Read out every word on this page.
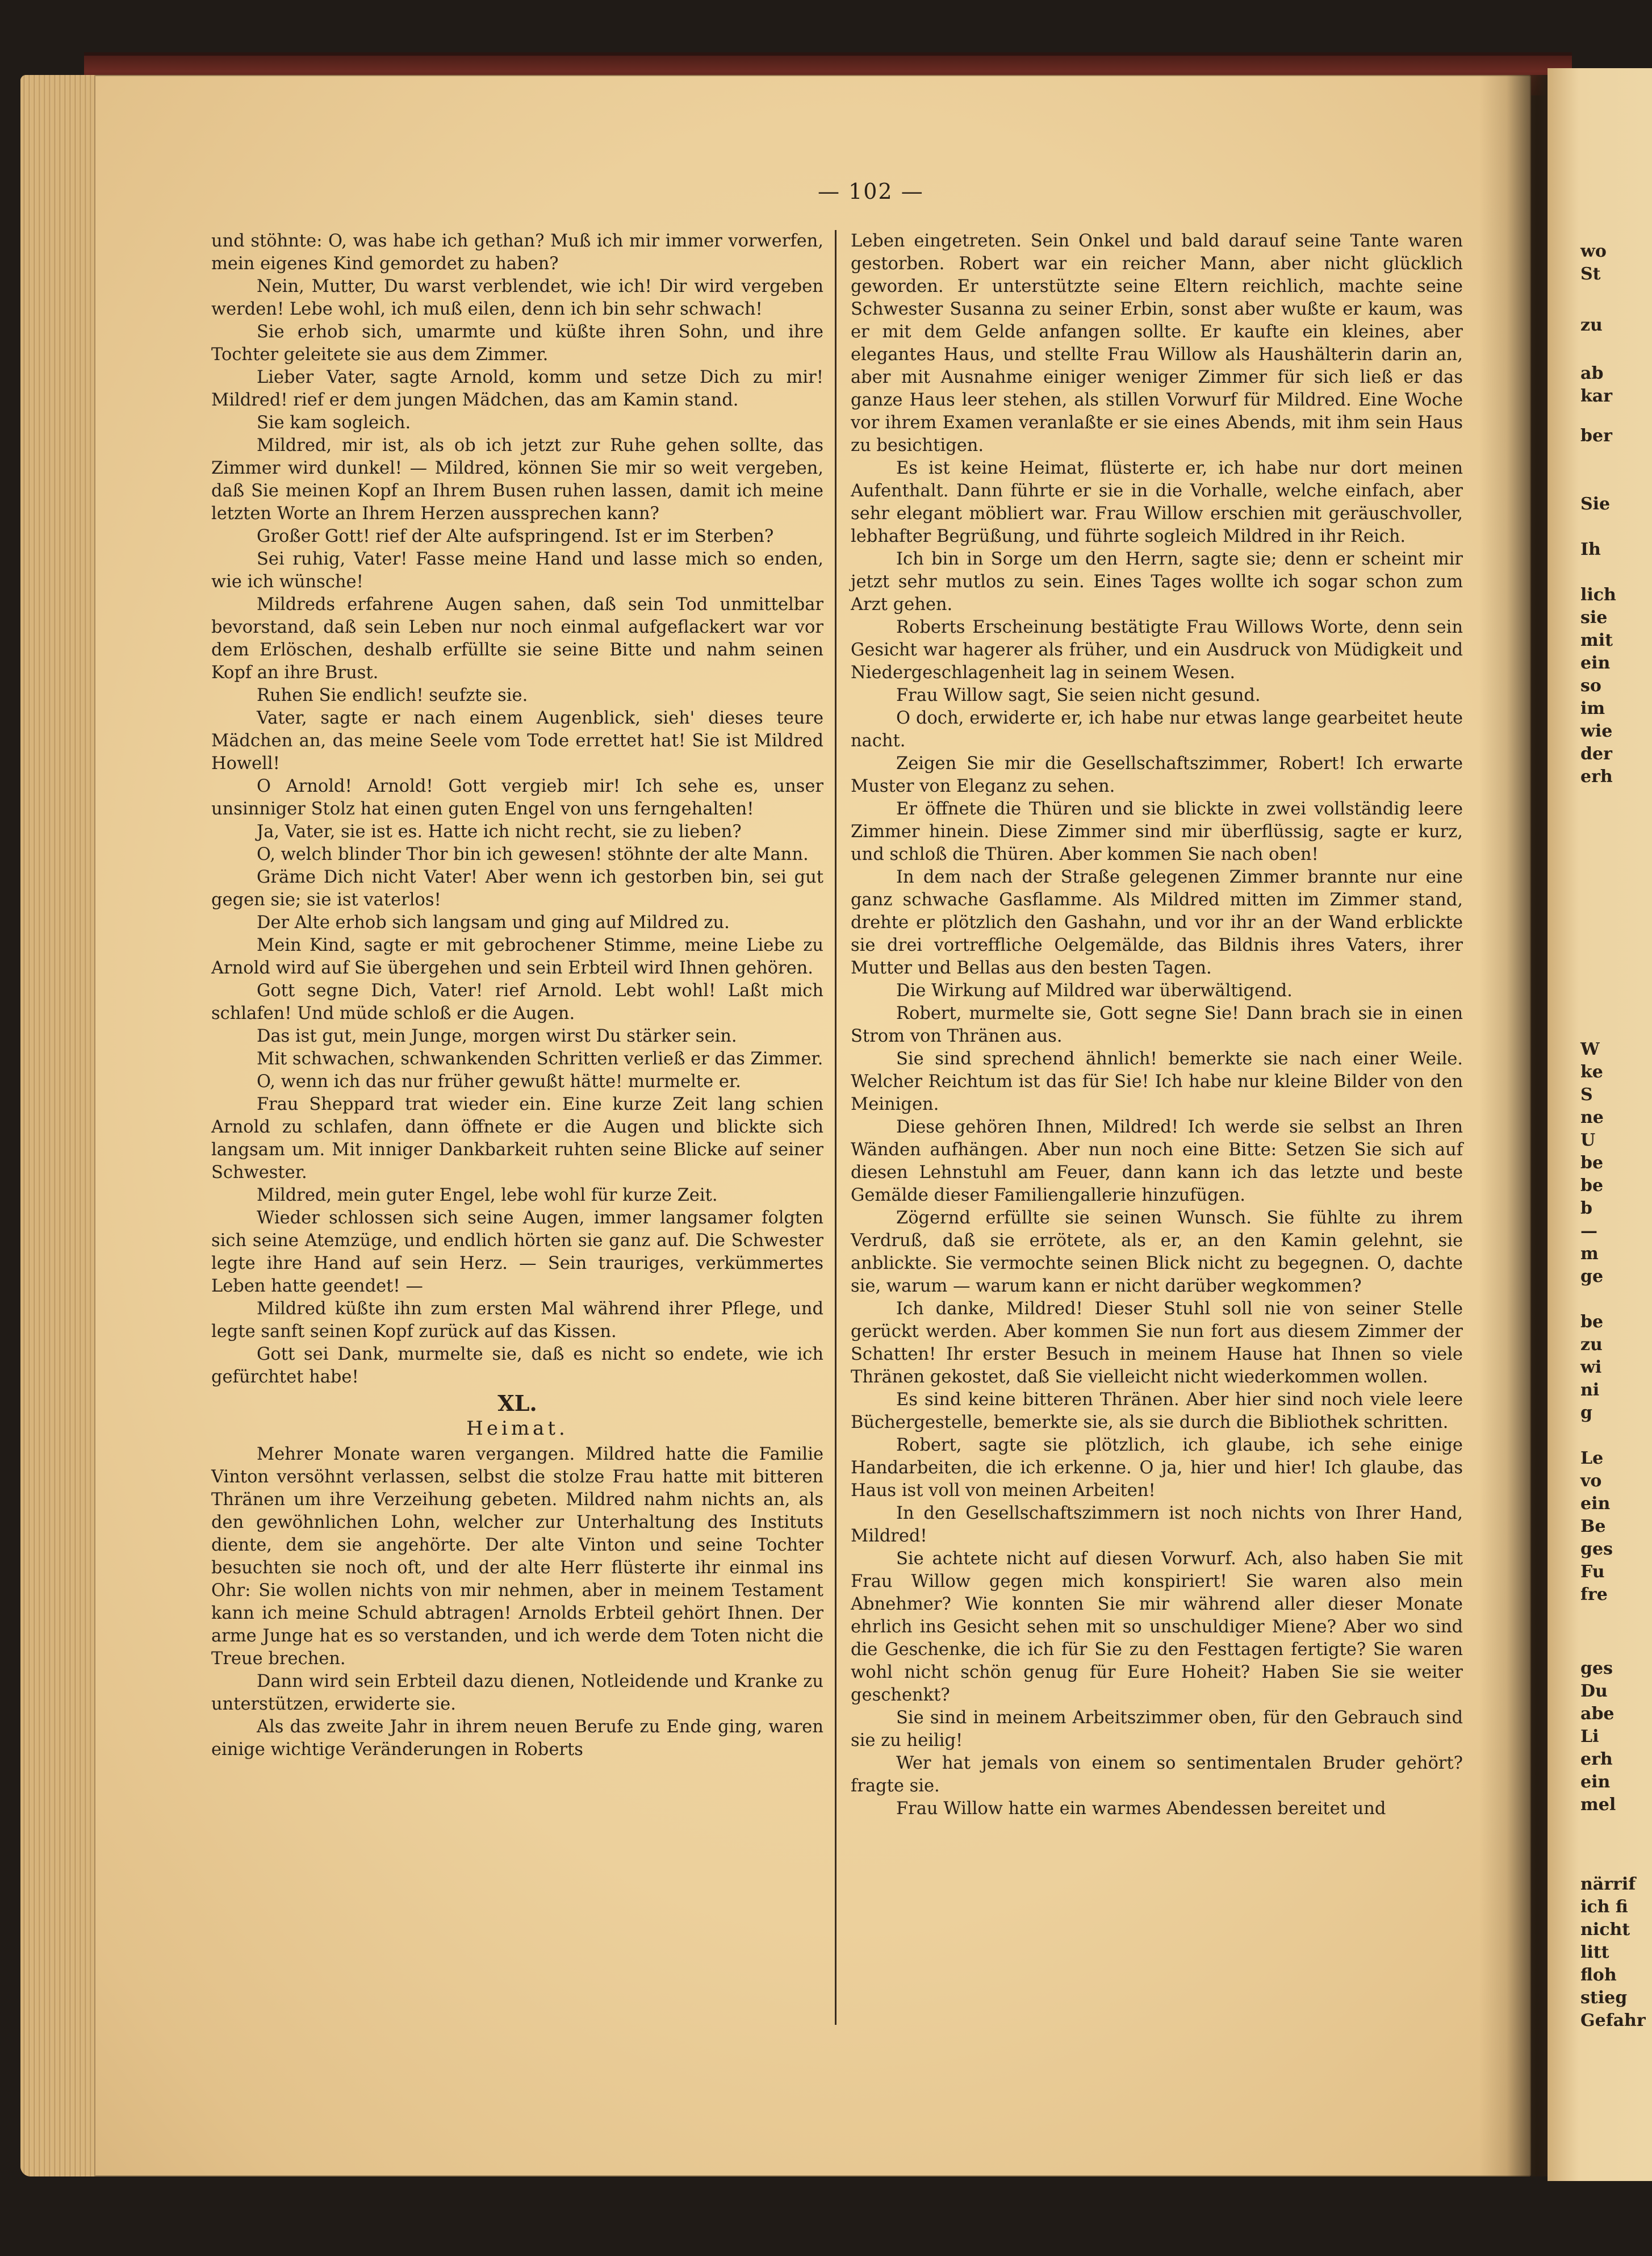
— 102 —

und stöhnte: O, was habe ich gethan? Muß ich mir immer vorwerfen, mein eigenes Kind gemordet zu haben?

Nein, Mutter, Du warst verblendet, wie ich! Dir wird vergeben werden! Lebe wohl, ich muß eilen, denn ich bin sehr schwach!

Sie erhob sich, umarmte und küßte ihren Sohn, und ihre Tochter geleitete sie aus dem Zimmer.

Lieber Vater, sagte Arnold, komm und setze Dich zu mir! Mildred! rief er dem jungen Mädchen, das am Kamin stand.

Sie kam sogleich.

Mildred, mir ist, als ob ich jetzt zur Ruhe gehen sollte, das Zimmer wird dunkel! — Mildred, können Sie mir so weit vergeben, daß Sie meinen Kopf an Ihrem Busen ruhen lassen, damit ich meine letzten Worte an Ihrem Herzen aussprechen kann?

Großer Gott! rief der Alte aufspringend. Ist er im Sterben?

Sei ruhig, Vater! Fasse meine Hand und lasse mich so enden, wie ich wünsche!

Mildreds erfahrene Augen sahen, daß sein Tod unmittelbar bevorstand, daß sein Leben nur noch einmal aufgeflackert war vor dem Erlöschen, deshalb erfüllte sie seine Bitte und nahm seinen Kopf an ihre Brust.

Ruhen Sie endlich! seufzte sie.

Vater, sagte er nach einem Augenblick, sieh' dieses teure Mädchen an, das meine Seele vom Tode errettet hat! Sie ist Mildred Howell!

O Arnold! Arnold! Gott vergieb mir! Ich sehe es, unser unsinniger Stolz hat einen guten Engel von uns ferngehalten!

Ja, Vater, sie ist es. Hatte ich nicht recht, sie zu lieben?

O, welch blinder Thor bin ich gewesen! stöhnte der alte Mann.

Gräme Dich nicht Vater! Aber wenn ich gestorben bin, sei gut gegen sie; sie ist vaterlos!

Der Alte erhob sich langsam und ging auf Mildred zu.

Mein Kind, sagte er mit gebrochener Stimme, meine Liebe zu Arnold wird auf Sie übergehen und sein Erbteil wird Ihnen gehören.

Gott segne Dich, Vater! rief Arnold. Lebt wohl! Laßt mich schlafen! Und müde schloß er die Augen.

Das ist gut, mein Junge, morgen wirst Du stärker sein.

Mit schwachen, schwankenden Schritten verließ er das Zimmer.

O, wenn ich das nur früher gewußt hätte! murmelte er.

Frau Sheppard trat wieder ein. Eine kurze Zeit lang schien Arnold zu schlafen, dann öffnete er die Augen und blickte sich langsam um. Mit inniger Dankbarkeit ruhten seine Blicke auf seiner Schwester.

Mildred, mein guter Engel, lebe wohl für kurze Zeit.

Wieder schlossen sich seine Augen, immer langsamer folgten sich seine Atemzüge, und endlich hörten sie ganz auf. Die Schwester legte ihre Hand auf sein Herz. — Sein trauriges, verkümmertes Leben hatte geendet! —

Mildred küßte ihn zum ersten Mal während ihrer Pflege, und legte sanft seinen Kopf zurück auf das Kissen.

Gott sei Dank, murmelte sie, daß es nicht so endete, wie ich gefürchtet habe!

XL.
Heimat.

Mehrer Monate waren vergangen. Mildred hatte die Familie Vinton versöhnt verlassen, selbst die stolze Frau hatte mit bitteren Thränen um ihre Verzeihung gebeten. Mildred nahm nichts an, als den gewöhnlichen Lohn, welcher zur Unterhaltung des Instituts diente, dem sie angehörte. Der alte Vinton und seine Tochter besuchten sie noch oft, und der alte Herr flüsterte ihr einmal ins Ohr: Sie wollen nichts von mir nehmen, aber in meinem Testament kann ich meine Schuld abtragen! Arnolds Erbteil gehört Ihnen. Der arme Junge hat es so verstanden, und ich werde dem Toten nicht die Treue brechen.

Dann wird sein Erbteil dazu dienen, Notleidende und Kranke zu unterstützen, erwiderte sie.

Als das zweite Jahr in ihrem neuen Berufe zu Ende ging, waren einige wichtige Veränderungen in Roberts

Leben eingetreten. Sein Onkel und bald darauf seine Tante waren gestorben. Robert war ein reicher Mann, aber nicht glücklich geworden. Er unterstützte seine Eltern reichlich, machte seine Schwester Susanna zu seiner Erbin, sonst aber wußte er kaum, was er mit dem Gelde anfangen sollte. Er kaufte ein kleines, aber elegantes Haus, und stellte Frau Willow als Haushälterin darin an, aber mit Ausnahme einiger weniger Zimmer für sich ließ er das ganze Haus leer stehen, als stillen Vorwurf für Mildred. Eine Woche vor ihrem Examen veranlaßte er sie eines Abends, mit ihm sein Haus zu besichtigen.

Es ist keine Heimat, flüsterte er, ich habe nur dort meinen Aufenthalt. Dann führte er sie in die Vorhalle, welche einfach, aber sehr elegant möbliert war. Frau Willow erschien mit geräuschvoller, lebhafter Begrüßung, und führte sogleich Mildred in ihr Reich.

Ich bin in Sorge um den Herrn, sagte sie; denn er scheint mir jetzt sehr mutlos zu sein. Eines Tages wollte ich sogar schon zum Arzt gehen.

Roberts Erscheinung bestätigte Frau Willows Worte, denn sein Gesicht war hagerer als früher, und ein Ausdruck von Müdigkeit und Niedergeschlagenheit lag in seinem Wesen.

Frau Willow sagt, Sie seien nicht gesund.

O doch, erwiderte er, ich habe nur etwas lange gearbeitet heute nacht.

Zeigen Sie mir die Gesellschaftszimmer, Robert! Ich erwarte Muster von Eleganz zu sehen.

Er öffnete die Thüren und sie blickte in zwei vollständig leere Zimmer hinein. Diese Zimmer sind mir überflüssig, sagte er kurz, und schloß die Thüren. Aber kommen Sie nach oben!

In dem nach der Straße gelegenen Zimmer brannte nur eine ganz schwache Gasflamme. Als Mildred mitten im Zimmer stand, drehte er plötzlich den Gashahn, und vor ihr an der Wand erblickte sie drei vortreffliche Oelgemälde, das Bildnis ihres Vaters, ihrer Mutter und Bellas aus den besten Tagen.

Die Wirkung auf Mildred war überwältigend.

Robert, murmelte sie, Gott segne Sie! Dann brach sie in einen Strom von Thränen aus.

Sie sind sprechend ähnlich! bemerkte sie nach einer Weile. Welcher Reichtum ist das für Sie! Ich habe nur kleine Bilder von den Meinigen.

Diese gehören Ihnen, Mildred! Ich werde sie selbst an Ihren Wänden aufhängen. Aber nun noch eine Bitte: Setzen Sie sich auf diesen Lehnstuhl am Feuer, dann kann ich das letzte und beste Gemälde dieser Familiengallerie hinzufügen.

Zögernd erfüllte sie seinen Wunsch. Sie fühlte zu ihrem Verdruß, daß sie errötete, als er, an den Kamin gelehnt, sie anblickte. Sie vermochte seinen Blick nicht zu begegnen. O, dachte sie, warum — warum kann er nicht darüber wegkommen?

Ich danke, Mildred! Dieser Stuhl soll nie von seiner Stelle gerückt werden. Aber kommen Sie nun fort aus diesem Zimmer der Schatten! Ihr erster Besuch in meinem Hause hat Ihnen so viele Thränen gekostet, daß Sie vielleicht nicht wiederkommen wollen.

Es sind keine bitteren Thränen. Aber hier sind noch viele leere Büchergestelle, bemerkte sie, als sie durch die Bibliothek schritten.

Robert, sagte sie plötzlich, ich glaube, ich sehe einige Handarbeiten, die ich erkenne. O ja, hier und hier! Ich glaube, das Haus ist voll von meinen Arbeiten!

In den Gesellschaftszimmern ist noch nichts von Ihrer Hand, Mildred!

Sie achtete nicht auf diesen Vorwurf. Ach, also haben Sie mit Frau Willow gegen mich konspiriert! Sie waren also mein Abnehmer? Wie konnten Sie mir während aller dieser Monate ehrlich ins Gesicht sehen mit so unschuldiger Miene? Aber wo sind die Geschenke, die ich für Sie zu den Festtagen fertigte? Sie waren wohl nicht schön genug für Eure Hoheit? Haben Sie sie weiter geschenkt?

Sie sind in meinem Arbeitszimmer oben, für den Gebrauch sind sie zu heilig!

Wer hat jemals von einem so sentimentalen Bruder gehört? fragte sie.

Frau Willow hatte ein warmes Abendessen bereitet und

wo
St
zu
ab
kar
ber
Sie
Ih
lich
sie
mit
ein
so
im
wie
der
erh
W
ke
S
ne
U
be
be
b
—
m
ge
be
zu
wi
ni
g
Le
vo
ein
Be
ges
Fu
fre
ges
Du
abe
Li
erh
ein
mel
närrif
ich fi
nicht
litt
floh
stieg
Gefahr
